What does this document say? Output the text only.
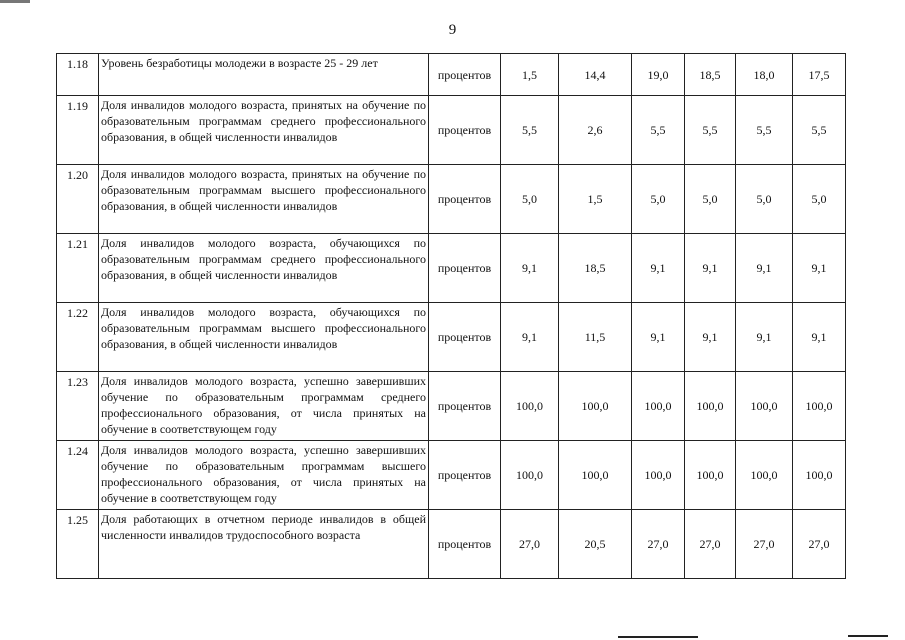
9
1.18	Уровень безработицы молодежи в возрасте 25 - 29 лет	процентов	1,5	14,4	19,0	18,5	18,0	17,5
1.19	Доля инвалидов молодого возраста, принятых на обучение по образовательным программам среднего профессионального образования, в общей численности инвалидов	процентов	5,5	2,6	5,5	5,5	5,5	5,5
1.20	Доля инвалидов молодого возраста, принятых на обучение по образовательным программам высшего профессионального образования, в общей численности инвалидов	процентов	5,0	1,5	5,0	5,0	5,0	5,0
1.21	Доля инвалидов молодого возраста, обучающихся по образовательным программам среднего профессионального образования, в общей численности инвалидов	процентов	9,1	18,5	9,1	9,1	9,1	9,1
1.22	Доля инвалидов молодого возраста, обучающихся по образовательным программам высшего профессионального образования, в общей численности инвалидов	процентов	9,1	11,5	9,1	9,1	9,1	9,1
1.23	Доля инвалидов молодого возраста, успешно завершивших обучение по образовательным программам среднего профессионального образования, от числа принятых на обучение в соответствующем году	процентов	100,0	100,0	100,0	100,0	100,0	100,0
1.24	Доля инвалидов молодого возраста, успешно завершивших обучение по образовательным программам высшего профессионального образования, от числа принятых на обучение в соответствующем году	процентов	100,0	100,0	100,0	100,0	100,0	100,0
1.25	Доля работающих в отчетном периоде инвалидов в общей численности инвалидов трудоспособного возраста	процентов	27,0	20,5	27,0	27,0	27,0	27,0
